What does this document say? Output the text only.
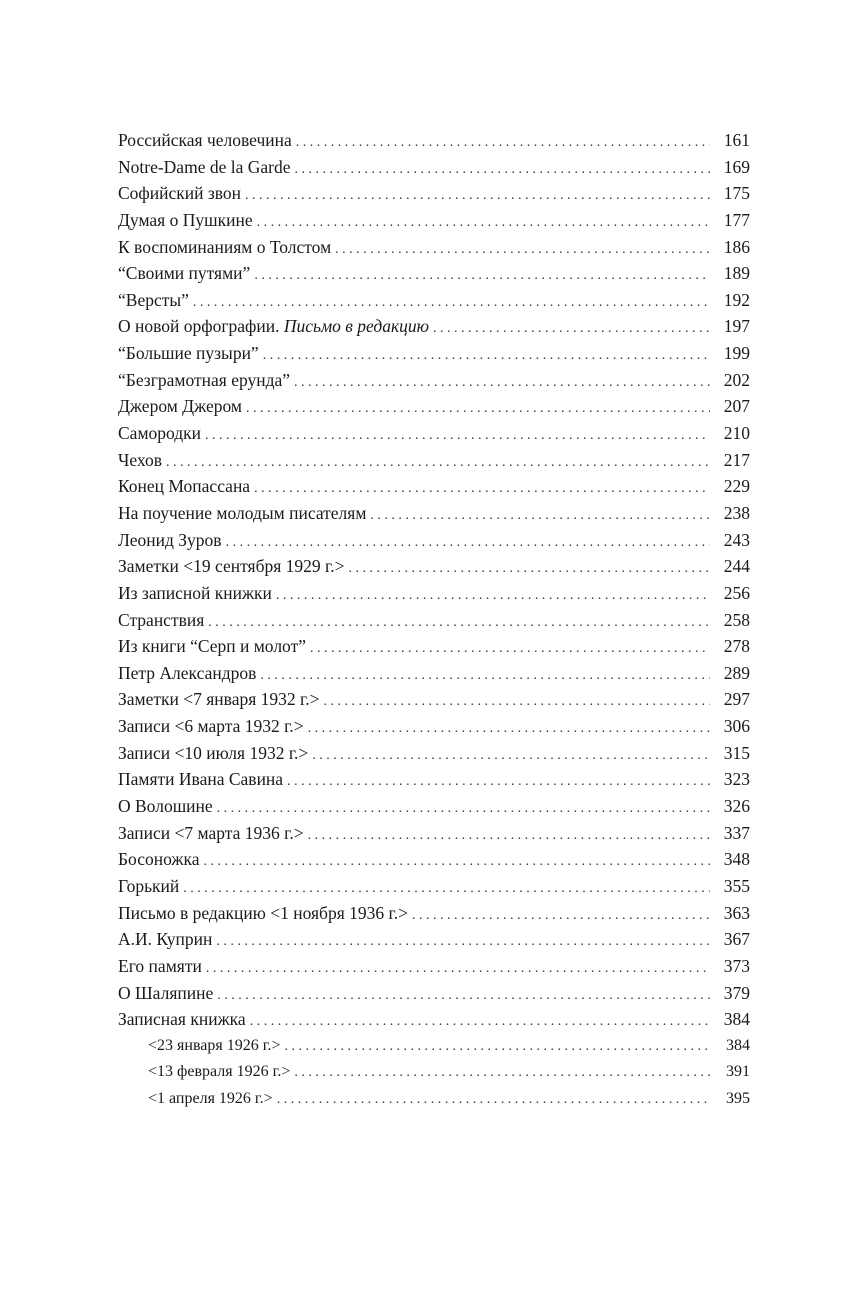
Российская человечина . . .	161
Notre-Dame de la Garde . . .	169
Софийский звон . . .	175
Думая о Пушкине . . .	177
К воспоминаниям о Толстом . . .	186
“Своими путями” . . .	189
“Версты” . . .	192
О новой орфографии. Письмо в редакцию . . .	197
“Большие пузыри” . . .	199
“Безграмотная ерунда” . . .	202
Джером Джером . . .	207
Самородки . . .	210
Чехов . . .	217
Конец Мопассана . . .	229
На поучение молодым писателям . . .	238
Леонид Зуров . . .	243
Заметки <19 сентября 1929 г.> . . .	244
Из записной книжки . . .	256
Странствия . . .	258
Из книги “Серп и молот” . . .	278
Петр Александров . . .	289
Заметки <7 января 1932 г.> . . .	297
Записи <6 марта 1932 г.> . . .	306
Записи <10 июля 1932 г.> . . .	315
Памяти Ивана Савина . . .	323
О Волошине . . .	326
Записи <7 марта 1936 г.> . . .	337
Босоножка . . .	348
Горький . . .	355
Письмо в редакцию <1 ноября 1936 г.> . . .	363
А.И. Куприн . . .	367
Его памяти . . .	373
О Шаляпине . . .	379
Записная книжка . . .	384
<23 января 1926 г.> . . .	384
<13 февраля 1926 г.> . . .	391
<1 апреля 1926 г.> . . .	395
